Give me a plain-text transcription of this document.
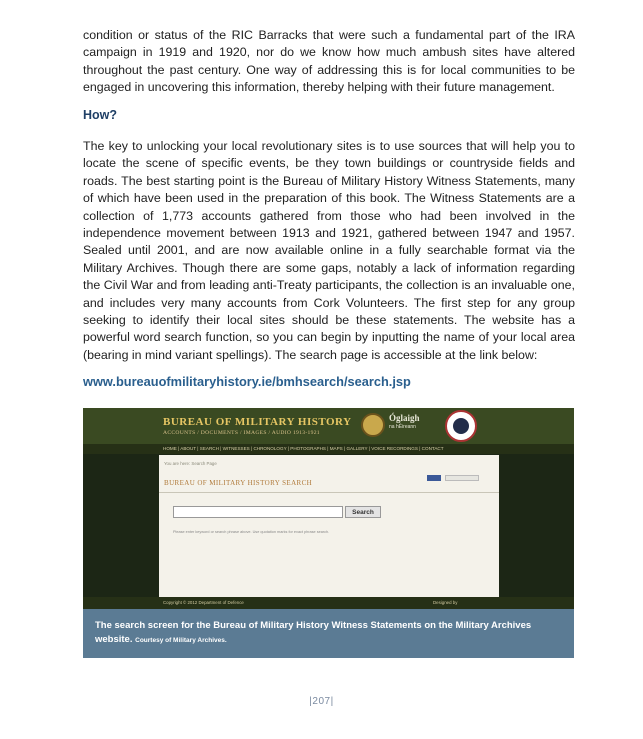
condition or status of the RIC Barracks that were such a fundamental part of the IRA campaign in 1919 and 1920, nor do we know how much ambush sites have altered throughout the past century. One way of addressing this is for local communities to be engaged in uncovering this information, thereby helping with their future management.

How?

The key to unlocking your local revolutionary sites is to use sources that will help you to locate the scene of specific events, be they town buildings or countryside fields and roads. The best starting point is the Bureau of Military History Witness Statements, many of which have been used in the preparation of this book. The Witness Statements are a collection of 1,773 accounts gathered from those who had been involved in the independence movement between 1913 and 1921, gathered between 1947 and 1957. Sealed until 2001, and are now available online in a fully searchable format via the Military Archives. Though there are some gaps, notably a lack of information regarding the Civil War and from leading anti-Treaty participants, the collection is an invaluable one, and includes very many accounts from Cork Volunteers. The first step for any group seeking to identify their local sites should be these statements. The website has a powerful word search function, so you can begin by inputting the name of your local area (bearing in mind variant spellings). The search page is accessible at the link below:

www.bureauofmilitaryhistory.ie/bmhsearch/search.jsp
BUREAU OF MILITARY HISTORY
ACCOUNTS / DOCUMENTS / IMAGES / AUDIO 1913-1921
Óglaigh
na hÉireann
HOME | ABOUT | SEARCH | WITNESSES | CHRONOLOGY | PHOTOGRAPHS | MAPS | GALLERY | VOICE RECORDINGS | CONTACT
You are here: Search Page
BUREAU OF MILITARY HISTORY SEARCH
Search
Please enter keyword or search phrase above. Use quotation marks for exact phrase search.
Copyright © 2012 Department of Defence	Designed by
The search screen for the Bureau of Military History Witness Statements on the Military Archives website. Courtesy of Military Archives.
|207|
